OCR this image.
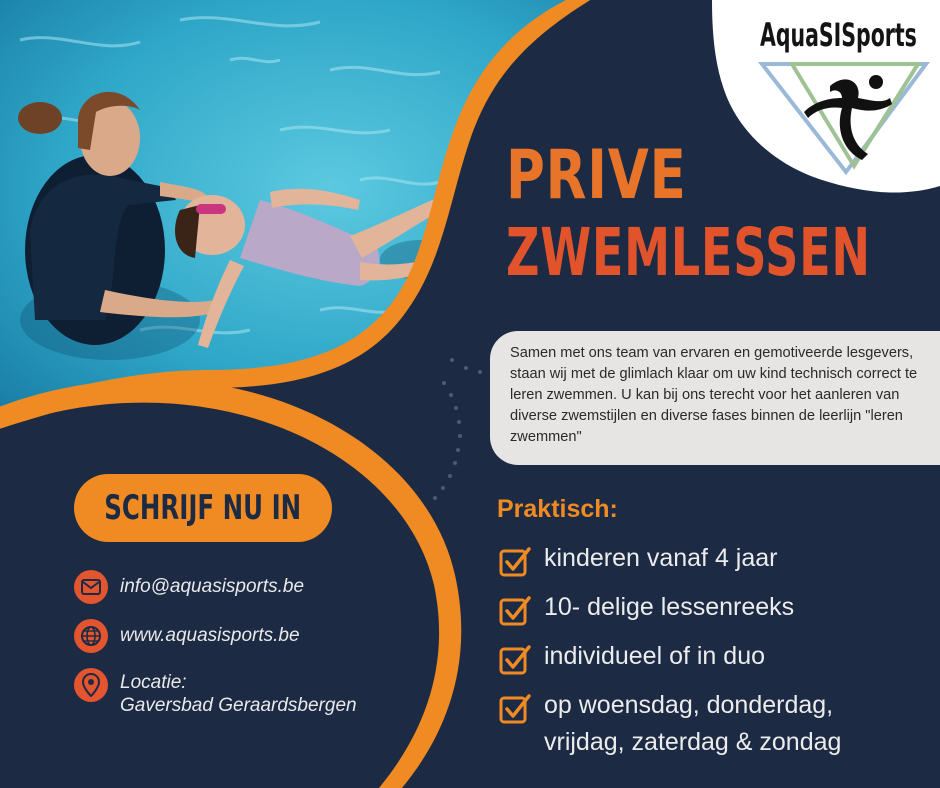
AquaSISports
PRIVE
ZWEMLESSEN

Samen met ons team van ervaren en gemotiveerde lesgevers, staan wij met de glimlach klaar om uw kind technisch correct te leren zwemmen. U kan bij ons terecht voor het aanleren van diverse zwemstijlen en diverse fases binnen de leerlijn "leren zwemmen"

SCHRIJF NU IN
info@aquasisports.be
www.aquasisports.be
Locatie:
Gaversbad Geraardsbergen
Praktisch:
kinderen vanaf 4 jaar
10- delige lessenreeks
individueel of in duo
op woensdag, donderdag,
vrijdag, zaterdag & zondag
